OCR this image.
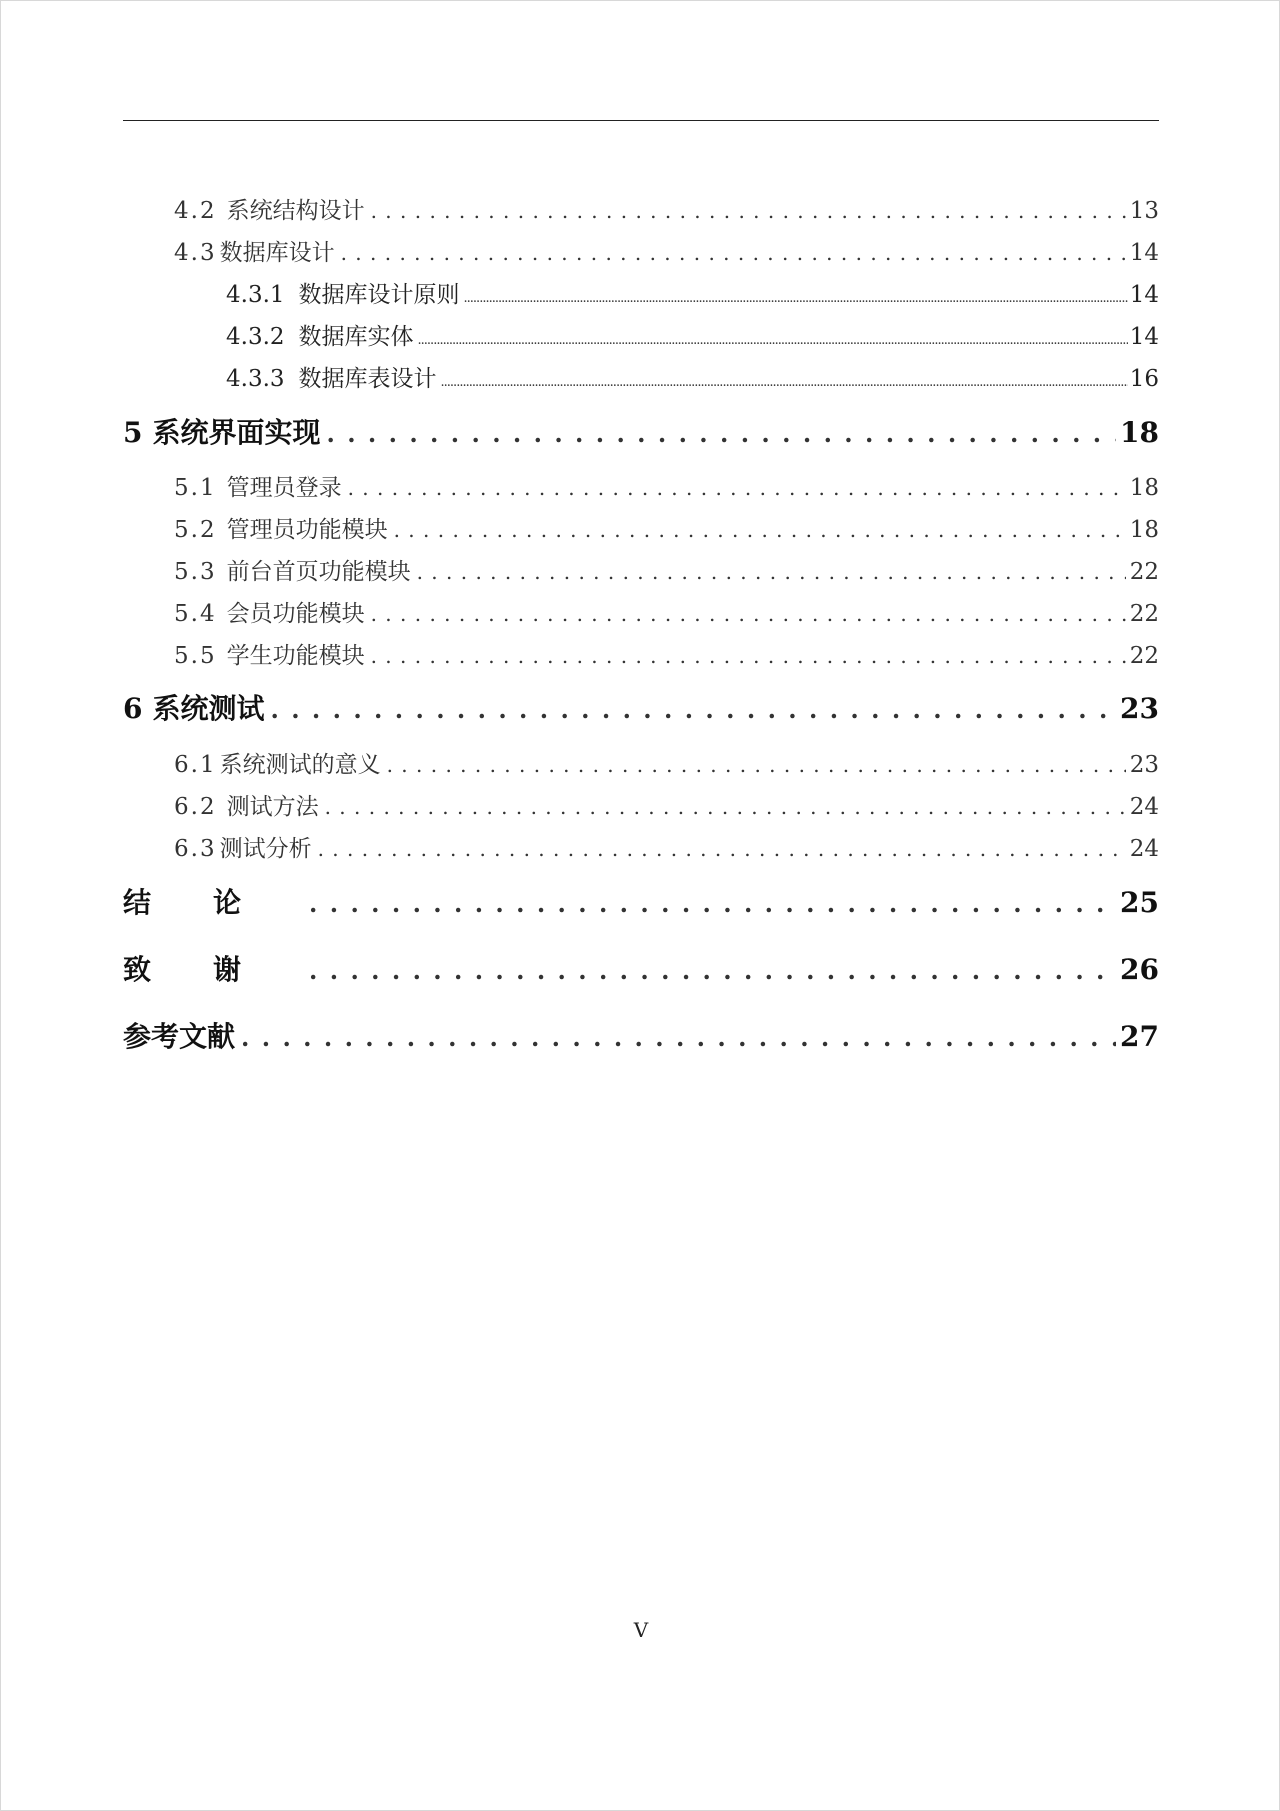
4.2 系统结构设计 . . .	13
4.3 数据库设计 . . .	14
4.3.1 数据库设计原则 .....	14
4.3.2 数据库实体 .....	14
4.3.3 数据库表设计 .....	16
5 系统界面实现 . . .	18
5.1 管理员登录 . . .	18
5.2 管理员功能模块 . . .	18
5.3 前台首页功能模块 . . .	22
5.4 会员功能模块 . . .	22
5.5 学生功能模块 . . .	22
6 系统测试 . . .	23
6.1 系统测试的意义 . . .	23
6.2 测试方法 . . .	24
6.3 测试分析 . . .	24
结论 . . .	25
致谢 . . .	26
参考文献 . . .	27
V
